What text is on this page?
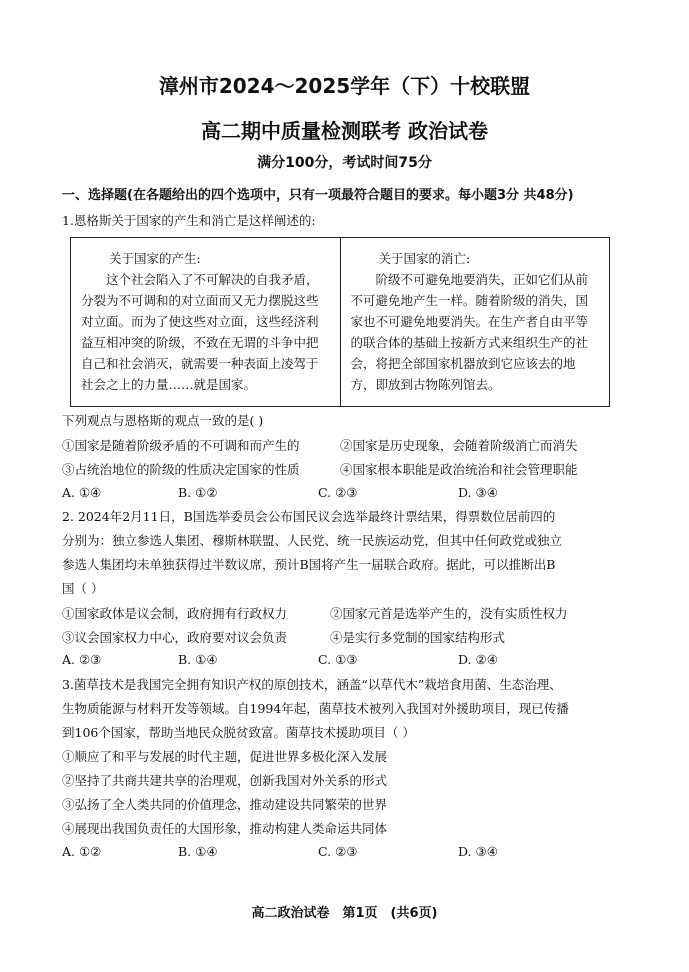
漳州市2024～2025学年（下）十校联盟
高二期中质量检测联考 政治试卷
满分100分，考试时间75分
一、选择题(在各题给出的四个选项中，只有一项最符合题目的要求。每小题3分 共48分)
1.恩格斯关于国家的产生和消亡是这样阐述的:
关于国家的产生:
这个社会陷入了不可解决的自我矛盾，分裂为不可调和的对立面而又无力摆脱这些对立面。而为了使这些对立面，这些经济利益互相冲突的阶级，不致在无谓的斗争中把自己和社会消灭，就需要一种表面上凌驾于社会之上的力量……就是国家。
关于国家的消亡:
阶级不可避免地要消失，正如它们从前不可避免地产生一样。随着阶级的消失，国家也不可避免地要消失。在生产者自由平等的联合体的基础上按新方式来组织生产的社会，将把全部国家机器放到它应该去的地方，即放到古物陈列馆去。
下列观点与恩格斯的观点一致的是( )
①国家是随着阶级矛盾的不可调和而产生的	②国家是历史现象，会随着阶级消亡而消失
③占统治地位的阶级的性质决定国家的性质	④国家根本职能是政治统治和社会管理职能
A. ①④	B. ①②	C. ②③	D. ③④
2. 2024年2月11日，B国选举委员会公布国民议会选举最终计票结果，得票数位居前四的
分别为：独立参选人集团、穆斯林联盟、人民党、统一民族运动党，但其中任何政党或独立
参选人集团均未单独获得过半数议席，预计B国将产生一届联合政府。据此，可以推断出B
国（ ）
①国家政体是议会制，政府拥有行政权力	②国家元首是选举产生的，没有实质性权力
③议会国家权力中心，政府要对议会负责	④是实行多党制的国家结构形式
A. ②③	B. ①④	C. ①③	D. ②④
3.菌草技术是我国完全拥有知识产权的原创技术，涵盖“以草代木”栽培食用菌、生态治理、
生物质能源与材料开发等领域。自1994年起，菌草技术被列入我国对外援助项目，现已传播
到106个国家，帮助当地民众脱贫致富。菌草技术援助项目（ ）
①顺应了和平与发展的时代主题，促进世界多极化深入发展
②坚持了共商共建共享的治理观，创新我国对外关系的形式
③弘扬了全人类共同的价值理念，推动建设共同繁荣的世界
④展现出我国负责任的大国形象，推动构建人类命运共同体
A. ①②	B. ①④	C. ②③	D. ③④
高二政治试卷　第1页　(共6页)
